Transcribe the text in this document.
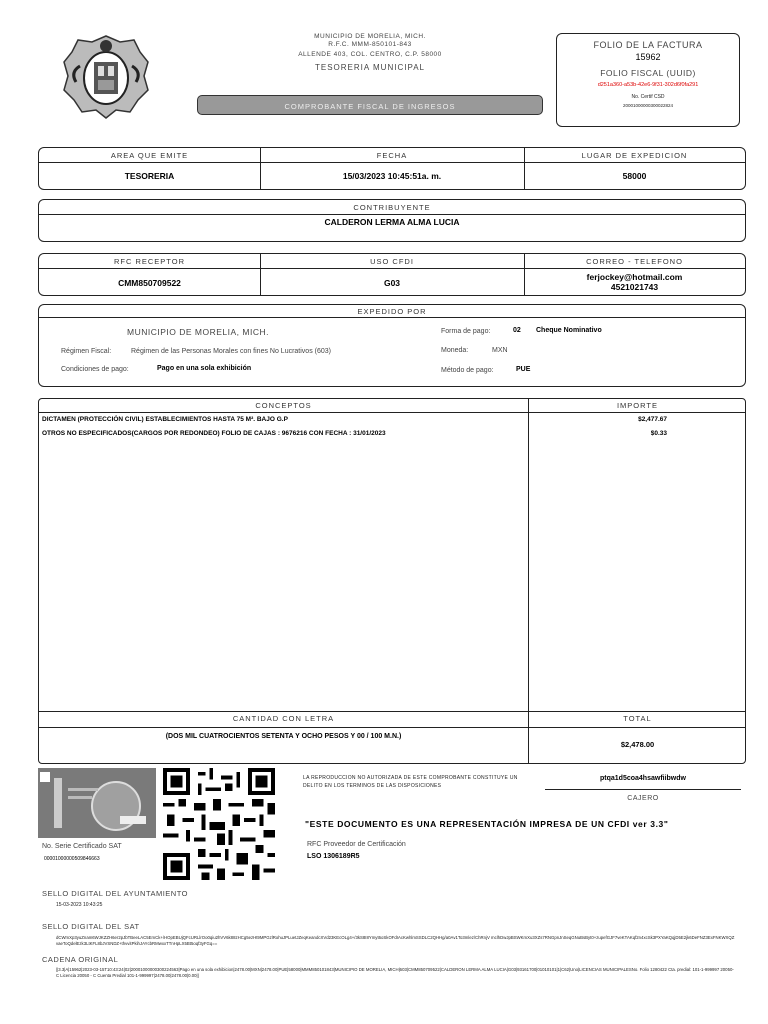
MUNICIPIO DE MORELIA, MICH.
R.F.C. MMM-850101-843
ALLENDE 403, COL. CENTRO, C.P. 58000
TESORERIA MUNICIPAL
COMPROBANTE FISCAL DE INGRESOS
FOLIO DE LA FACTURA
15962
FOLIO FISCAL (UUID)
d251a360-a53b-42e6-9f31-302d6f0fa291
No. Certif CSD
20001000000300022824
AREA QUE EMITE	FECHA	LUGAR DE EXPEDICION
TESORERIA	15/03/2023 10:45:51a. m.	58000
CONTRIBUYENTE
CALDERON LERMA ALMA LUCIA
RFC RECEPTOR	USO CFDI	CORREO - TELEFONO
CMM850709522	G03
ferjockey@hotmail.com
4521021743
EXPEDIDO POR
MUNICIPIO DE MORELIA, MICH.
Régimen Fiscal:	Régimen de las Personas Morales con fines No Lucrativos (603)
Condiciones de pago:	Pago en una sola exhibición
Forma de pago:	02 Cheque Nominativo
Moneda:	MXN
Método de pago:	PUE
CONCEPTOS	IMPORTE
DICTAMEN (PROTECCIÓN CIVIL) ESTABLECIMIENTOS HASTA 75 M². BAJO G.P	$2,477.67
OTROS NO ESPECIFICADOS(CARGOS POR REDONDEO) FOLIO DE CAJAS : 9676216 CON FECHA : 31/01/2023	$0.33
CANTIDAD CON LETRA	TOTAL
(DOS MIL CUATROCIENTOS SETENTA Y OCHO PESOS Y 00 / 100 M.N.)
$2,478.00
LA REPRODUCCION NO AUTORIZADA DE ESTE COMPROBANTE CONSTITUYE UN DELITO EN LOS TERMINOS DE LAS DISPOSICIONES
ptqa1d5coa4hsawfiibwdw
CAJERO
"ESTE DOCUMENTO ES UNA REPRESENTACIÓN IMPRESA DE UN CFDI ver 3.3"
RFC Proveedor de Certificación
LSO 1306189R5
No. Serie Certificado SAT
00001000000509846663
SELLO DIGITAL DEL AYUNTAMIENTO
15-03-2023 10:43:25
SELLO DIGITAL DEL SAT
dCWmXp3yuZnam6WJKZZH6er2pJbTBeeLAC5EmCk+/HOpEBUjQFcURLlrOo0qiu2hVV6k88zHCg5ezHt9MPGzlRohuJPLuetJZeqKeandcXVd23KEcOLg4+/3kS8I8Ymyt6oSkOFdIAcKwhlmSSDLC2QHHg/a0Av1To3mlez/ChRnjV mclhDwJpBSWKmXu3XZs7RNGpnJnSeqGNuBsByt0+zupefGJF7veKTAKqf2n4xcSk3PXYaKQqjD5E2jk6DeFNZ3ExFNKWXQZvaeToQdelEzk3LtKFL8bJVSNDZ+thvvitPkihJAYcbRMwxxTTnHpLX5Bt5oqf3yFGq==
CADENA ORIGINAL
||3.3|A|15962|2023-03-15T10:43:24|02|20001000000300224563|Pago en una sola exhibicion|2478.00|MXN|2478.00|PUE|58000|MMM850101843|MUNICIPIO DE MORELIA, MICH|603|CMM850709522|CALDERON LERMA ALMA LUCIA|G03|93161700|01010101|1|C62|Uno|LICENCIAS MUNICIPALESNo. Folio 1280422 Cta. predial: 101-1-999997 20050-C Licencia 20050 - C Cuenta Predial 101-1-999997|2478.00|2478.00|0.00||
